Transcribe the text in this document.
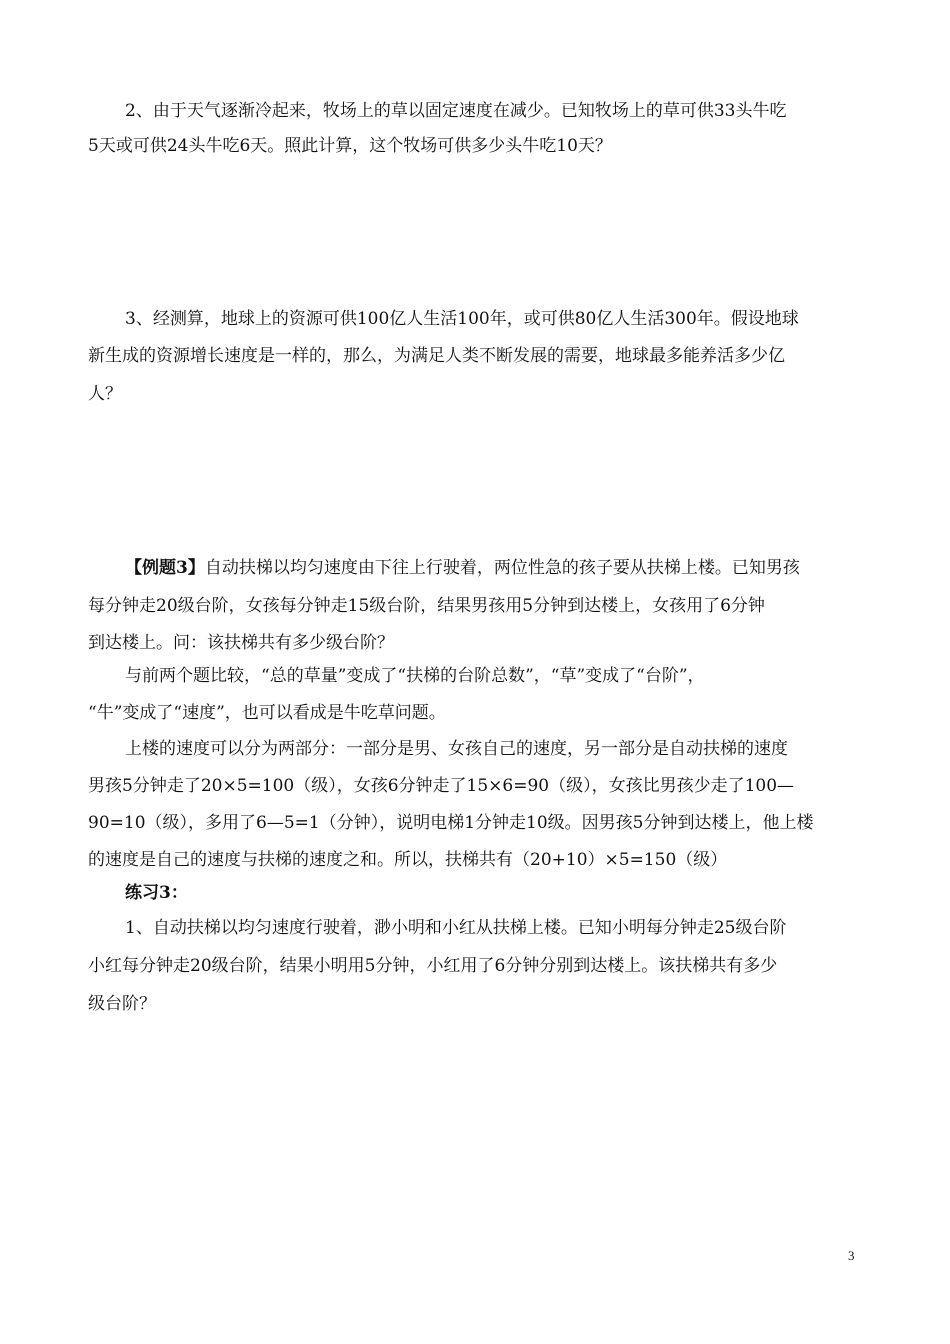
2、由于天气逐渐冷起来，牧场上的草以固定速度在减少。已知牧场上的草可供33头牛吃
5天或可供24头牛吃6天。照此计算，这个牧场可供多少头牛吃10天？
3、经测算，地球上的资源可供100亿人生活100年，或可供80亿人生活300年。假设地球
新生成的资源增长速度是一样的，那么，为满足人类不断发展的需要，地球最多能养活多少亿
人？
【例题3】自动扶梯以均匀速度由下往上行驶着，两位性急的孩子要从扶梯上楼。已知男孩
每分钟走20级台阶，女孩每分钟走15级台阶，结果男孩用5分钟到达楼上，女孩用了6分钟
到达楼上。问：该扶梯共有多少级台阶？
与前两个题比较，“总的草量”变成了“扶梯的台阶总数”，“草”变成了“台阶”，
“牛”变成了“速度”，也可以看成是牛吃草问题。
上楼的速度可以分为两部分：一部分是男、女孩自己的速度，另一部分是自动扶梯的速度
男孩5分钟走了20×5=100（级），女孩6分钟走了15×6=90（级），女孩比男孩少走了100—
90=10（级），多用了6—5=1（分钟），说明电梯1分钟走10级。因男孩5分钟到达楼上，他上楼
的速度是自己的速度与扶梯的速度之和。所以，扶梯共有（20+10）×5=150（级）
练习3：
1、自动扶梯以均匀速度行驶着，渺小明和小红从扶梯上楼。已知小明每分钟走25级台阶
小红每分钟走20级台阶，结果小明用5分钟，小红用了6分钟分别到达楼上。该扶梯共有多少
级台阶？
3
